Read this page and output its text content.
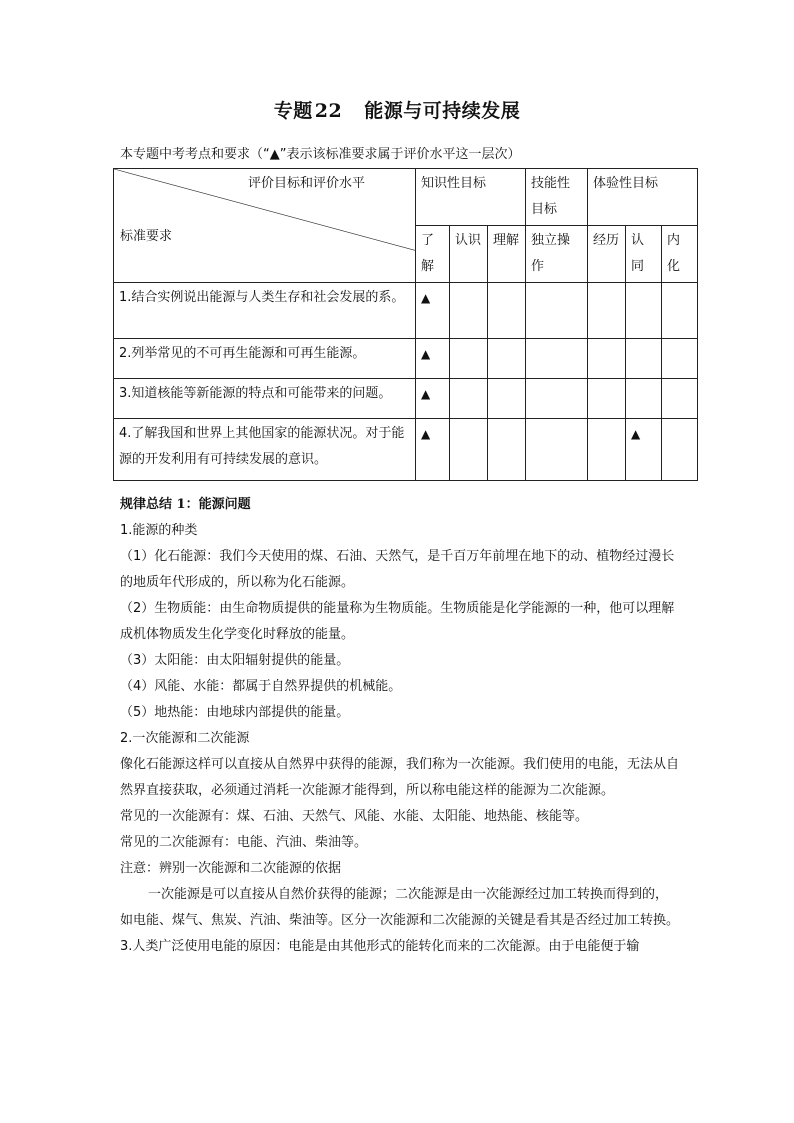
专题 22 能源与可持续发展
本专题中考考点和要求（“▲”表示该标准要求属于评价水平这一层次）
评价目标和评价水平
标准要求	知识性目标			技能性目标	体验性目标		
	了解	认识	理解	独立操作	经历	认同	内化
1.结合实例说出能源与人类生存和社会发展的系。	▲						
2.列举常见的不可再生能源和可再生能源。	▲						
3.知道核能等新能源的特点和可能带来的问题。	▲						
4.了解我国和世界上其他国家的能源状况。对于能源的开发利用有可持续发展的意识。	▲					▲	

规律总结 1：能源问题

1.能源的种类

（1）化石能源：我们今天使用的煤、石油、天然气，是千百万年前埋在地下的动、植物经过漫长的地质年代形成的，所以称为化石能源。

（2）生物质能：由生命物质提供的能量称为生物质能。生物质能是化学能源的一种，他可以理解成机体物质发生化学变化时释放的能量。

（3）太阳能：由太阳辐射提供的能量。

（4）风能、水能：都属于自然界提供的机械能。

（5）地热能：由地球内部提供的能量。

2.一次能源和二次能源

像化石能源这样可以直接从自然界中获得的能源，我们称为一次能源。我们使用的电能，无法从自然界直接获取，必须通过消耗一次能源才能得到，所以称电能这样的能源为二次能源。

常见的一次能源有：煤、石油、天然气、风能、水能、太阳能、地热能、核能等。

常见的二次能源有：电能、汽油、柴油等。

注意：辨别一次能源和二次能源的依据

一次能源是可以直接从自然价获得的能源；二次能源是由一次能源经过加工转换而得到的，如电能、煤气、焦炭、汽油、柴油等。区分一次能源和二次能源的关键是看其是否经过加工转换。

3.人类广泛使用电能的原因：电能是由其他形式的能转化而来的二次能源。由于电能便于输
